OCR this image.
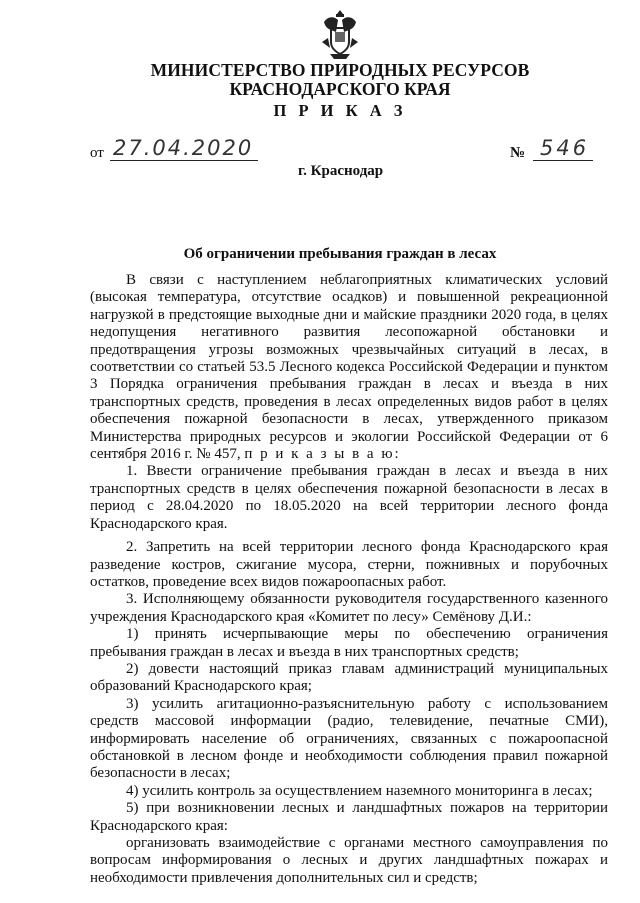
МИНИСТЕРСТВО ПРИРОДНЫХ РЕСУРСОВ
КРАСНОДАРСКОГО КРАЯ
П Р И К А З
от 27.04.2020	№ 546
г. Краснодар
Об ограничении пребывания граждан в лесах

В связи с наступлением неблагоприятных климатических условий (высокая температура, отсутствие осадков) и повышенной рекреационной нагрузкой в предстоящие выходные дни и майские праздники 2020 года, в целях недопущения негативного развития лесопожарной обстановки и предотвращения угрозы возможных чрезвычайных ситуаций в лесах, в соответствии со статьей 53.5 Лесного кодекса Российской Федерации и пунктом 3 Порядка ограничения пребывания граждан в лесах и въезда в них транспортных средств, проведения в лесах определенных видов работ в целях обеспечения пожарной безопасности в лесах, утвержденного приказом Министерства природных ресурсов и экологии Российской Федерации от 6 сентября 2016 г. № 457, п р и к а з ы в а ю:

1. Ввести ограничение пребывания граждан в лесах и въезда в них транспортных средств в целях обеспечения пожарной безопасности в лесах в период с 28.04.2020 по 18.05.2020 на всей территории лесного фонда Краснодарского края.

2. Запретить на всей территории лесного фонда Краснодарского края разведение костров, сжигание мусора, стерни, пожнивных и порубочных остатков, проведение всех видов пожароопасных работ.

3. Исполняющему обязанности руководителя государственного казенного учреждения Краснодарского края «Комитет по лесу» Семёнову Д.И.:

1) принять исчерпывающие меры по обеспечению ограничения пребывания граждан в лесах и въезда в них транспортных средств;

2) довести настоящий приказ главам администраций муниципальных образований Краснодарского края;

3) усилить агитационно-разъяснительную работу с использованием средств массовой информации (радио, телевидение, печатные СМИ), информировать население об ограничениях, связанных с пожароопасной обстановкой в лесном фонде и необходимости соблюдения правил пожарной безопасности в лесах;

4) усилить контроль за осуществлением наземного мониторинга в лесах;

5) при возникновении лесных и ландшафтных пожаров на территории Краснодарского края:

организовать взаимодействие с органами местного самоуправления по вопросам информирования о лесных и других ландшафтных пожарах и необходимости привлечения дополнительных сил и средств;
